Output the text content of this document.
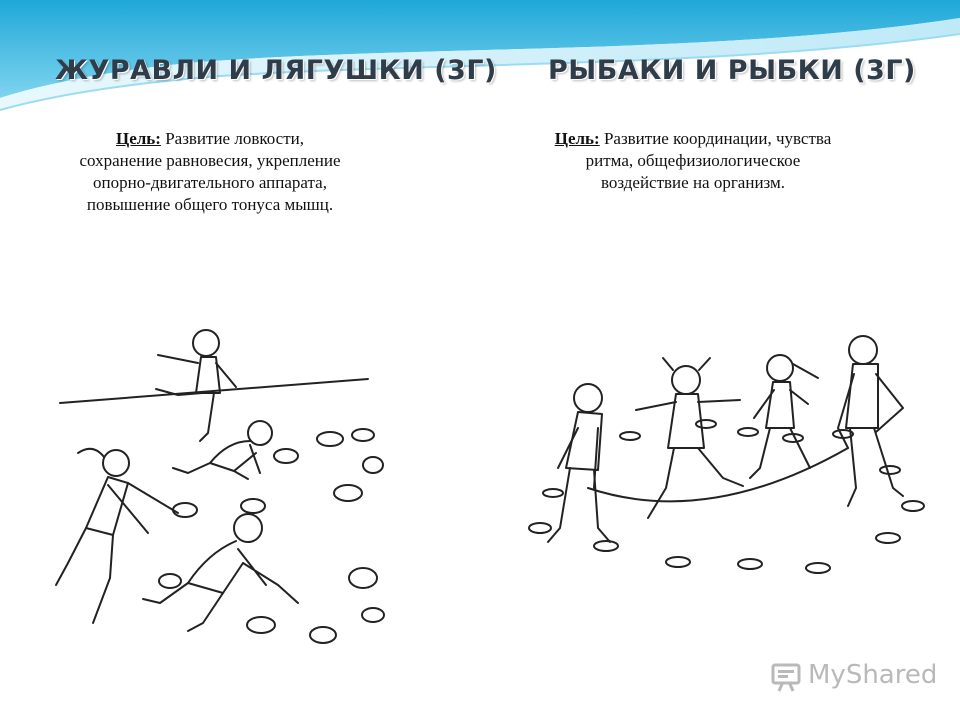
ЖУРАВЛИ И ЛЯГУШКИ (3Г) РЫБАКИ И РЫБКИ (3Г)

Цель: Развитие ловкости, сохранение равновесия, укрепление опорно-двигательного аппарата, повышение общего тонуса мышц.

Цель: Развитие координации, чувства ритма, общефизиологическое воздействие на организм.

MyShared
